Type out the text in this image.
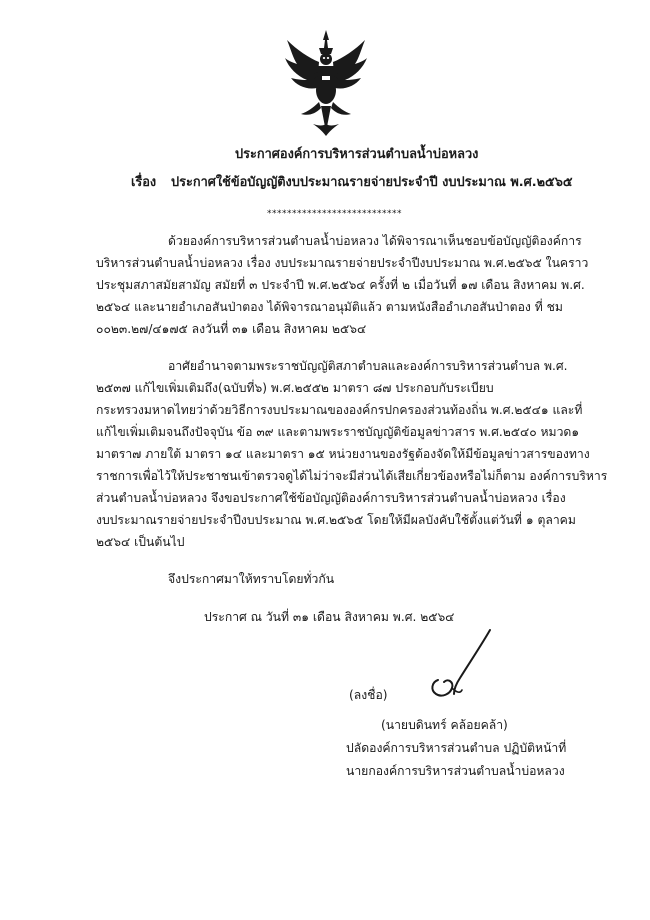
ประกาศองค์การบริหารส่วนตำบลน้ำบ่อหลวง
เรื่อง ประกาศใช้ข้อบัญญัติงบประมาณรายจ่ายประจำปี งบประมาณ พ.ศ.๒๕๖๕
***************************
ด้วยองค์การบริหารส่วนตำบลน้ำบ่อหลวง ได้พิจารณาเห็นชอบข้อบัญญัติองค์การ
บริหารส่วนตำบลน้ำบ่อหลวง เรื่อง งบประมาณรายจ่ายประจำปีงบประมาณ พ.ศ.๒๕๖๕ ในคราว
ประชุมสภาสมัยสามัญ สมัยที่ ๓ ประจำปี พ.ศ.๒๕๖๔ ครั้งที่ ๒ เมื่อวันที่ ๑๗ เดือน สิงหาคม พ.ศ.
๒๕๖๔ และนายอำเภอสันป่าตอง ได้พิจารณาอนุมัติแล้ว ตามหนังสืออำเภอสันป่าตอง ที่ ชม
๐๐๒๓.๒๗/๔๑๗๕ ลงวันที่ ๓๑ เดือน สิงหาคม ๒๕๖๔
อาศัยอำนาจตามพระราชบัญญัติสภาตำบลและองค์การบริหารส่วนตำบล พ.ศ.
๒๕๓๗ แก้ไขเพิ่มเติมถึง(ฉบับที่๖) พ.ศ.๒๕๕๒ มาตรา ๘๗ ประกอบกับระเบียบ
กระทรวงมหาดไทยว่าด้วยวิธีการงบประมาณขององค์กรปกครองส่วนท้องถิ่น พ.ศ.๒๕๔๑ และที่
แก้ไขเพิ่มเติมจนถึงปัจจุบัน ข้อ ๓๙ และตามพระราชบัญญัติข้อมูลข่าวสาร พ.ศ.๒๕๔๐ หมวด๑
มาตรา๗ ภายใต้ มาตรา ๑๔ และมาตรา ๑๕ หน่วยงานของรัฐต้องจัดให้มีข้อมูลข่าวสารของทาง
ราชการเพื่อไว้ให้ประชาชนเข้าตรวจดูได้ไม่ว่าจะมีส่วนได้เสียเกี่ยวข้องหรือไม่ก็ตาม องค์การบริหาร
ส่วนตำบลน้ำบ่อหลวง จึงขอประกาศใช้ข้อบัญญัติองค์การบริหารส่วนตำบลน้ำบ่อหลวง เรื่อง
งบประมาณรายจ่ายประจำปีงบประมาณ พ.ศ.๒๕๖๕ โดยให้มีผลบังคับใช้ตั้งแต่วันที่ ๑ ตุลาคม
๒๕๖๔ เป็นต้นไป
จึงประกาศมาให้ทราบโดยทั่วกัน
ประกาศ ณ วันที่ ๓๑ เดือน สิงหาคม พ.ศ. ๒๕๖๔
(ลงชื่อ)
(นายบดินทร์ คล้อยคล้า)
ปลัดองค์การบริหารส่วนตำบล ปฏิบัติหน้าที่
นายกองค์การบริหารส่วนตำบลน้ำบ่อหลวง
